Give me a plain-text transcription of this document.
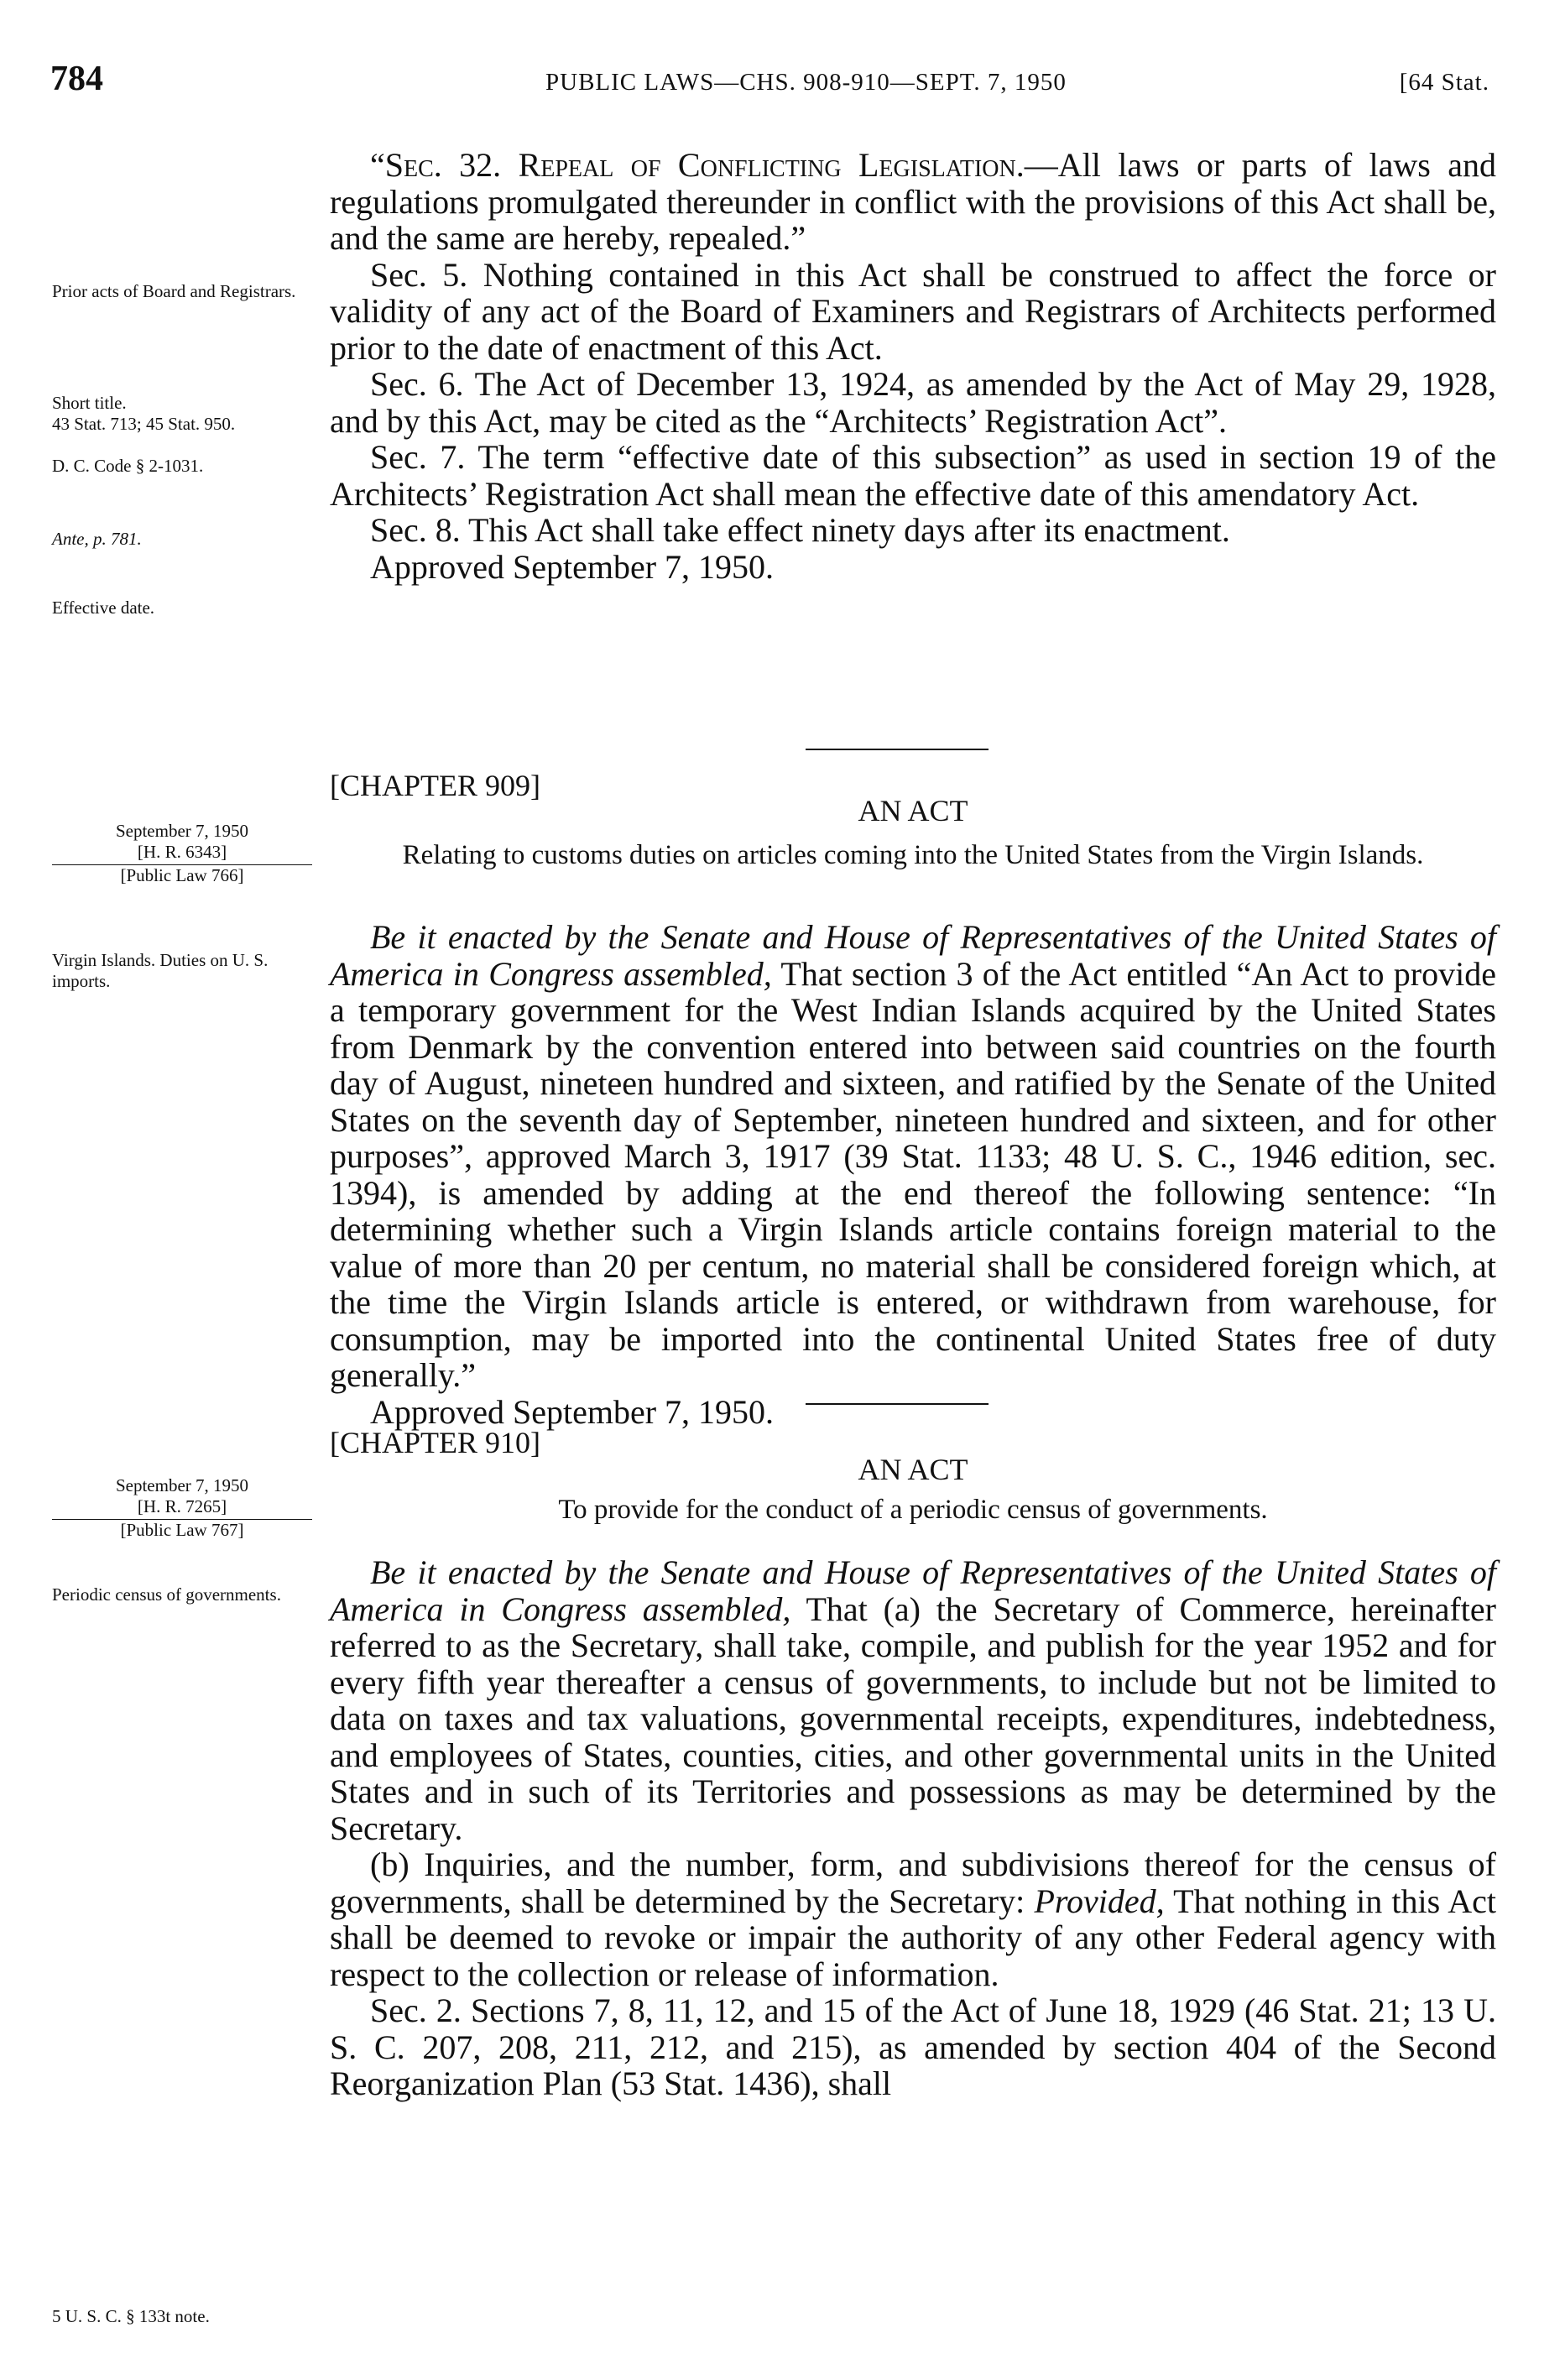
784	PUBLIC LAWS—CHS. 908-910—SEPT. 7, 1950	[64 Stat.

“Sec. 32. Repeal of Conflicting Legislation.—All laws or parts of laws and regulations promulgated thereunder in conflict with the provisions of this Act shall be, and the same are hereby, repealed.”

Sec. 5. Nothing contained in this Act shall be construed to affect the force or validity of any act of the Board of Examiners and Registrars of Architects performed prior to the date of enactment of this Act.

Sec. 6. The Act of December 13, 1924, as amended by the Act of May 29, 1928, and by this Act, may be cited as the “Architects’ Registration Act”.

Sec. 7. The term “effective date of this subsection” as used in section 19 of the Architects’ Registration Act shall mean the effective date of this amendatory Act.

Sec. 8. This Act shall take effect ninety days after its enactment.

Approved September 7, 1950.

Prior acts of Board and Registrars.
Short title.
43 Stat. 713; 45 Stat. 950.
D. C. Code § 2-1031.
Ante, p. 781.
Effective date.
[CHAPTER 909]
AN ACT
Relating to customs duties on articles coming into the United States from the Virgin Islands.
September 7, 1950
[H. R. 6343]
[Public Law 766]

Be it enacted by the Senate and House of Representatives of the United States of America in Congress assembled, That section 3 of the Act entitled “An Act to provide a temporary government for the West Indian Islands acquired by the United States from Denmark by the convention entered into between said countries on the fourth day of August, nineteen hundred and sixteen, and ratified by the Senate of the United States on the seventh day of September, nineteen hundred and sixteen, and for other purposes”, approved March 3, 1917 (39 Stat. 1133; 48 U. S. C., 1946 edition, sec. 1394), is amended by adding at the end thereof the following sentence: “In determining whether such a Virgin Islands article contains foreign material to the value of more than 20 per centum, no material shall be considered foreign which, at the time the Virgin Islands article is entered, or withdrawn from warehouse, for consumption, may be imported into the continental United States free of duty generally.”

Approved September 7, 1950.

Virgin Islands. Duties on U. S. imports.
[CHAPTER 910]
AN ACT
To provide for the conduct of a periodic census of governments.
September 7, 1950
[H. R. 7265]
[Public Law 767]

Be it enacted by the Senate and House of Representatives of the United States of America in Congress assembled, That (a) the Secretary of Commerce, hereinafter referred to as the Secretary, shall take, compile, and publish for the year 1952 and for every fifth year thereafter a census of governments, to include but not be limited to data on taxes and tax valuations, governmental receipts, expenditures, indebtedness, and employees of States, counties, cities, and other governmental units in the United States and in such of its Territories and possessions as may be determined by the Secretary.

(b) Inquiries, and the number, form, and subdivisions thereof for the census of governments, shall be determined by the Secretary: Provided, That nothing in this Act shall be deemed to revoke or impair the authority of any other Federal agency with respect to the collection or release of information.

Sec. 2. Sections 7, 8, 11, 12, and 15 of the Act of June 18, 1929 (46 Stat. 21; 13 U. S. C. 207, 208, 211, 212, and 215), as amended by section 404 of the Second Reorganization Plan (53 Stat. 1436), shall

Periodic census of governments.
5 U. S. C. § 133t note.
